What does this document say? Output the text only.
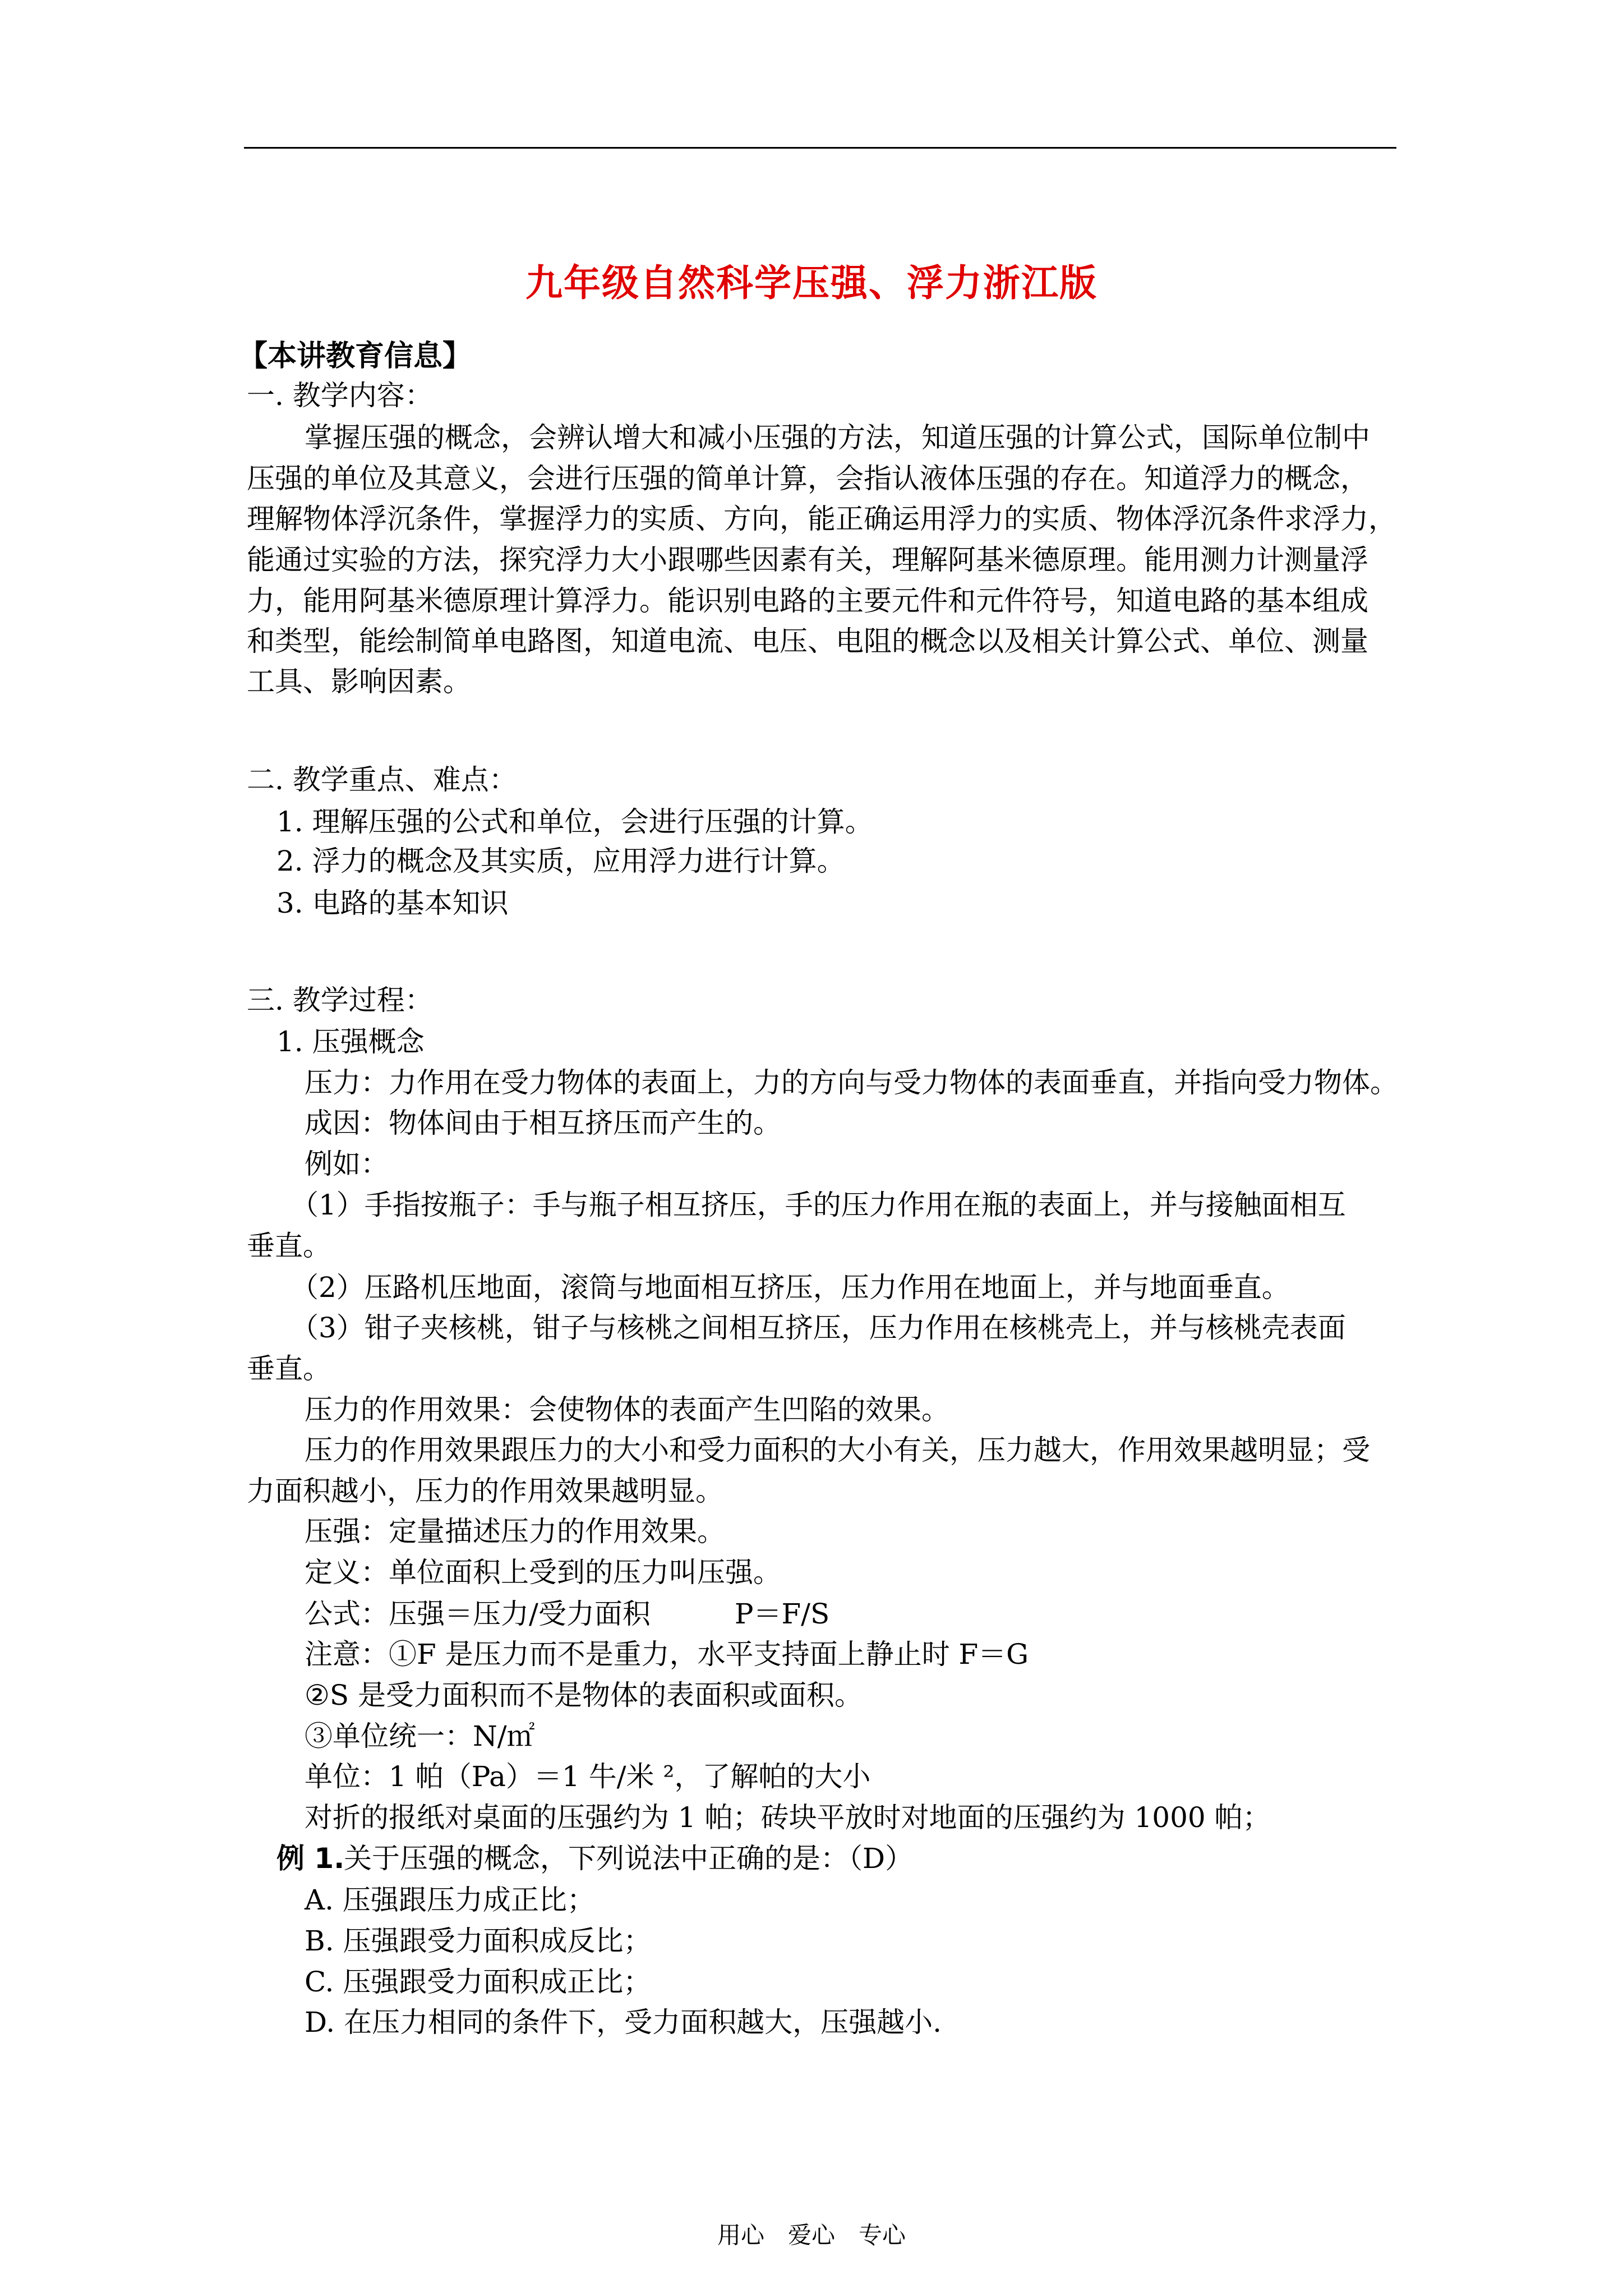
九年级自然科学压强、浮力浙江版
【本讲教育信息】
一. 教学内容：
掌握压强的概念，会辨认增大和减小压强的方法，知道压强的计算公式，国际单位制中
压强的单位及其意义，会进行压强的简单计算，会指认液体压强的存在。知道浮力的概念，
理解物体浮沉条件，掌握浮力的实质、方向，能正确运用浮力的实质、物体浮沉条件求浮力，
能通过实验的方法，探究浮力大小跟哪些因素有关，理解阿基米德原理。能用测力计测量浮
力，能用阿基米德原理计算浮力。能识别电路的主要元件和元件符号，知道电路的基本组成
和类型，能绘制简单电路图，知道电流、电压、电阻的概念以及相关计算公式、单位、测量
工具、影响因素。
二. 教学重点、难点：
1. 理解压强的公式和单位，会进行压强的计算。
2. 浮力的概念及其实质，应用浮力进行计算。
3. 电路的基本知识
三. 教学过程：
1. 压强概念
压力：力作用在受力物体的表面上，力的方向与受力物体的表面垂直，并指向受力物体。
成因：物体间由于相互挤压而产生的。
例如：
（1）手指按瓶子：手与瓶子相互挤压，手的压力作用在瓶的表面上，并与接触面相互
垂直。
（2）压路机压地面，滚筒与地面相互挤压，压力作用在地面上，并与地面垂直。
（3）钳子夹核桃，钳子与核桃之间相互挤压，压力作用在核桃壳上，并与核桃壳表面
垂直。
压力的作用效果：会使物体的表面产生凹陷的效果。
压力的作用效果跟压力的大小和受力面积的大小有关，压力越大，作用效果越明显；受
力面积越小，压力的作用效果越明显。
压强：定量描述压力的作用效果。
定义：单位面积上受到的压力叫压强。
公式：压强＝压力/受力面积　　　P＝F/S
注意：①F 是压力而不是重力，水平支持面上静止时 F＝G
②S 是受力面积而不是物体的表面积或面积。
③单位统一：N/㎡
单位：1 帕（Pa）＝1 牛/米 ²，了解帕的大小
对折的报纸对桌面的压强约为 1 帕；砖块平放时对地面的压强约为 1000 帕；
例 1.
关于压强的概念，下列说法中正确的是：（D）
A. 压强跟压力成正比；
B. 压强跟受力面积成反比；
C. 压强跟受力面积成正比；
D. 在压力相同的条件下，受力面积越大，压强越小.
用心　爱心　专心
